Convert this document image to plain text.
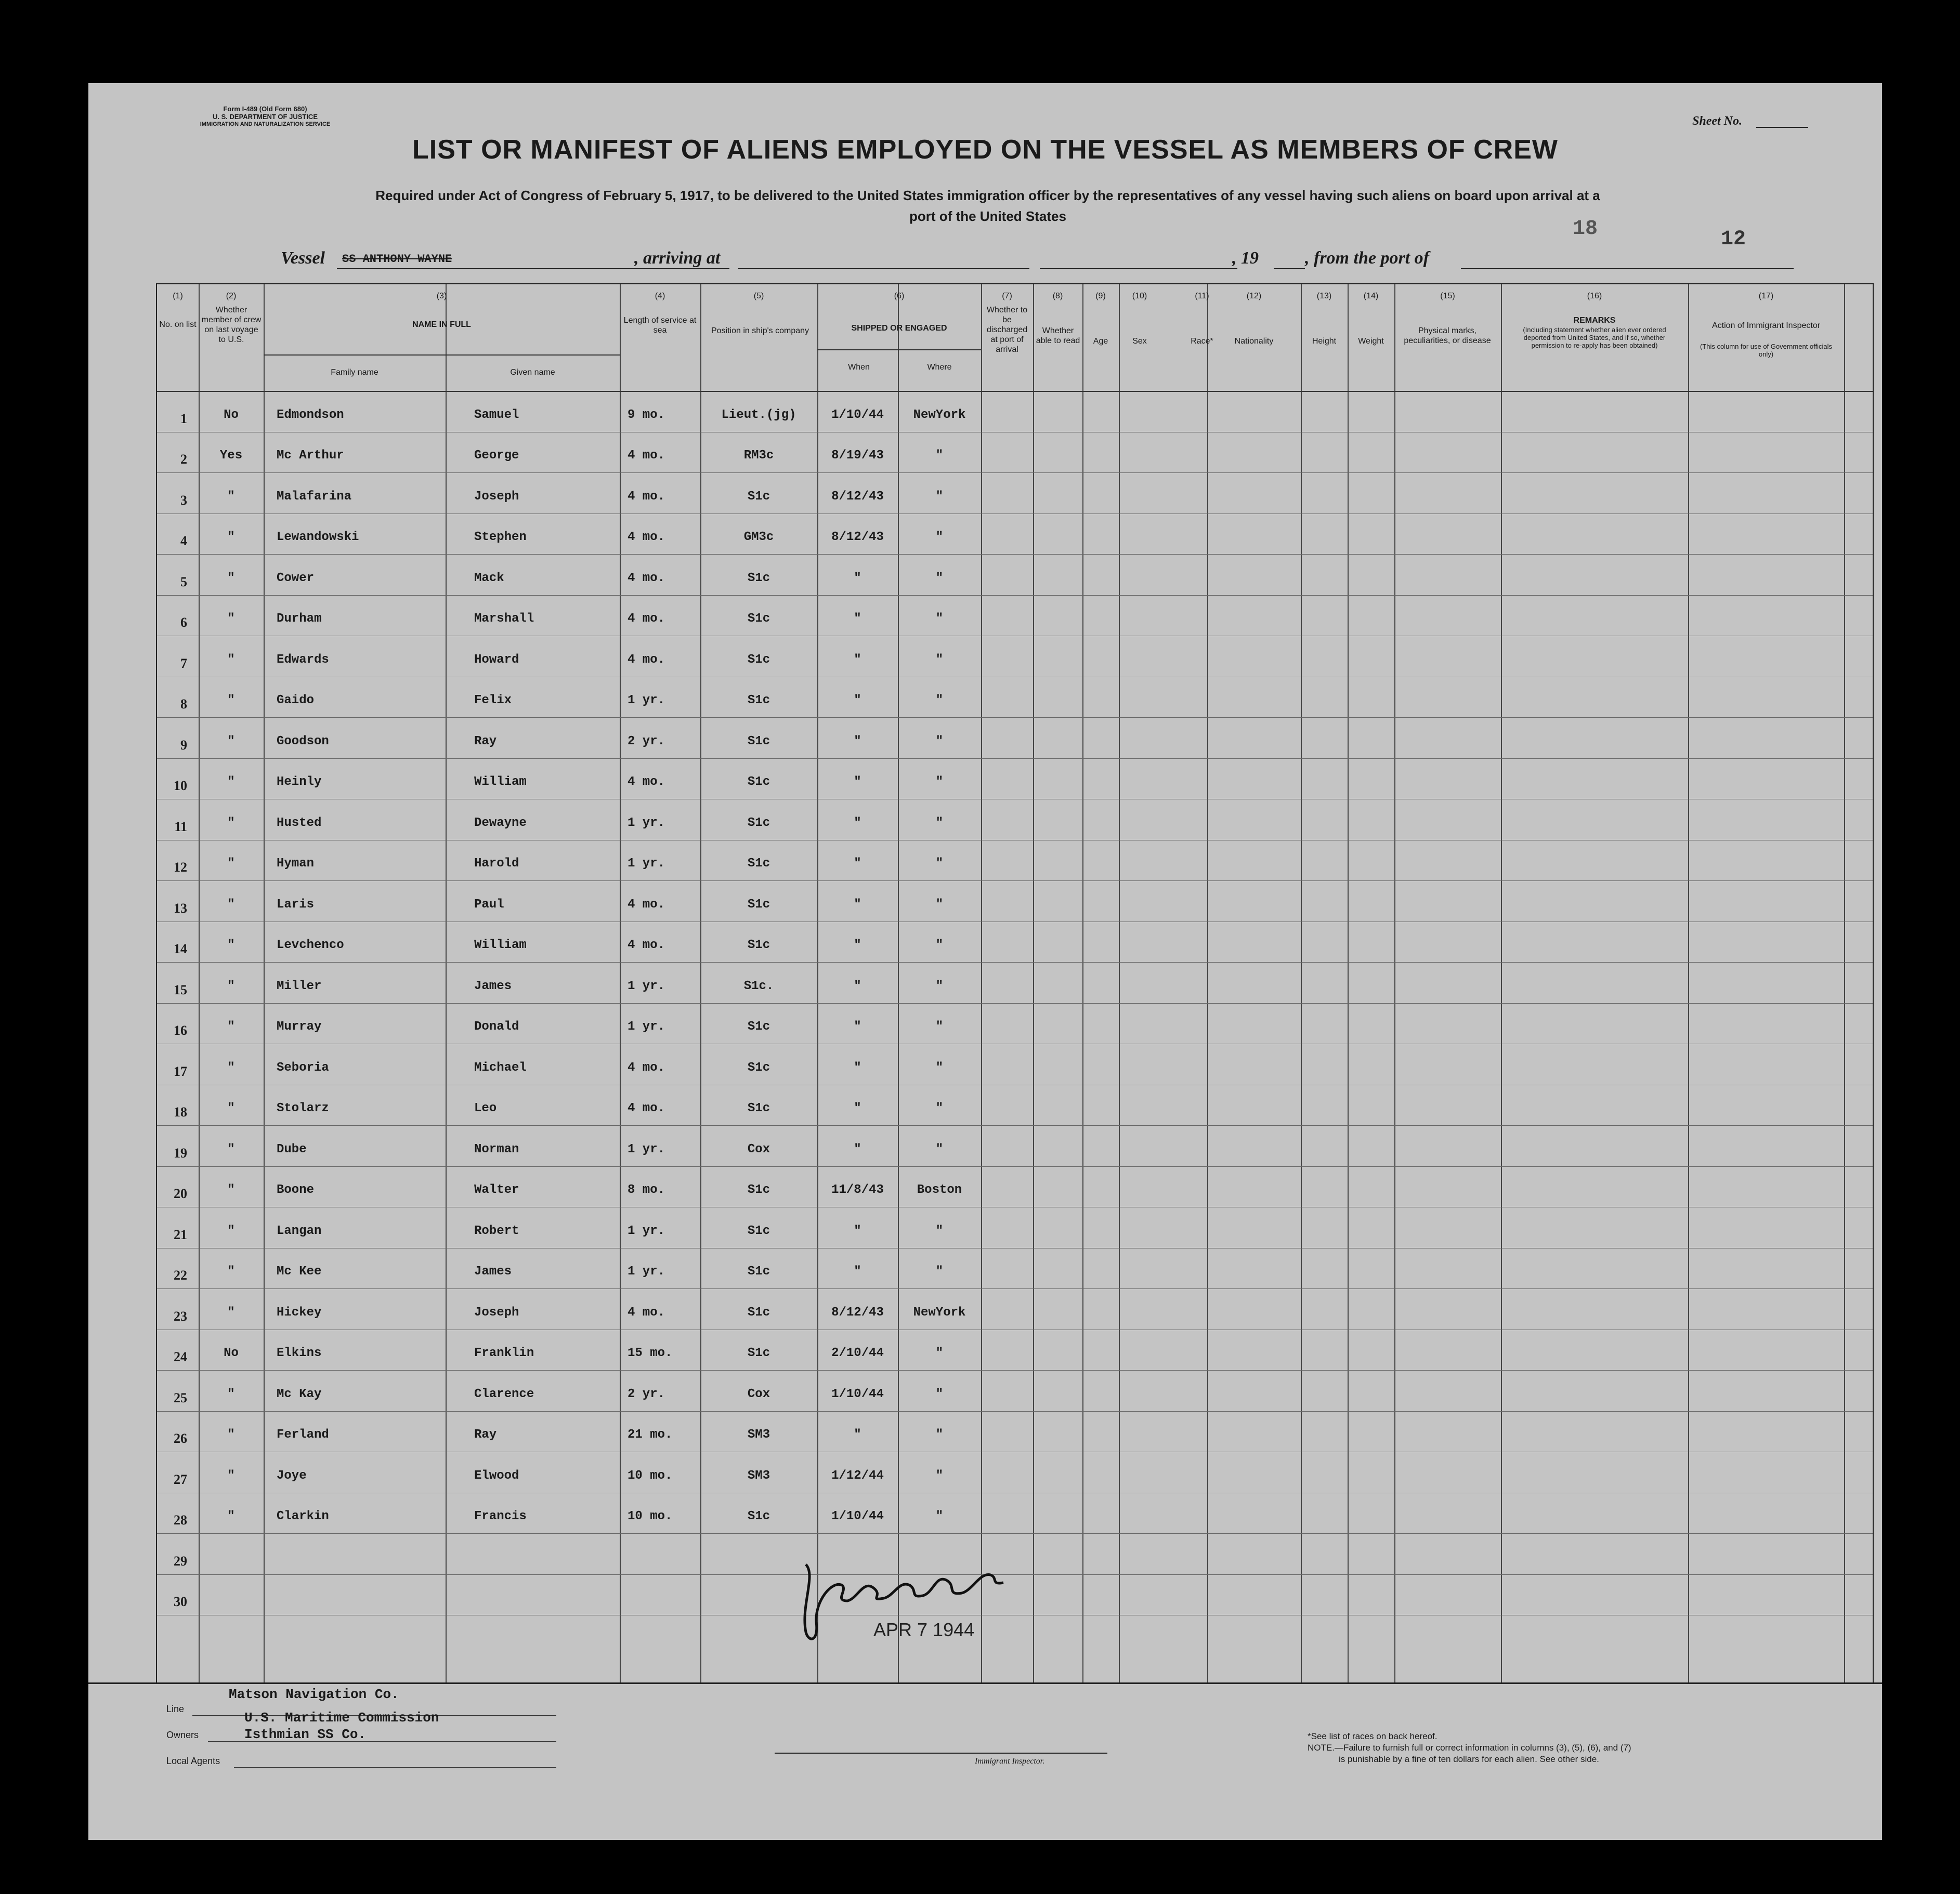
Form I-489 (Old Form 680)
U. S. DEPARTMENT OF JUSTICE
IMMIGRATION AND NATURALIZATION SERVICE	Sheet No.
LIST OR MANIFEST OF ALIENS EMPLOYED ON THE VESSEL AS MEMBERS OF CREW
Required under Act of Congress of February 5, 1917, to be delivered to the United States immigration officer by the representatives of any vessel having such aliens on board upon arrival at a
port of the United States
Vessel SS ANTHONY WAYNE	, arriving at	, 19	, from the port of
18	12
(1)	(2)	(3)	(4)	(5)	(6)	(7)	(8)	(9)	(10)	(11)	(12)	(13)	(14)	(15)	(16)	(17)
No. on list
Whether member of crew on last voyage to U.S.
NAME IN FULL
Family name	Given name
Length of service at sea	Position in ship's company	SHIPPED OR ENGAGED
When	Where
Whether to be discharged at port of arrival
Whether able to read	Age	Sex	Race*	Nationality	Height	Weight
Physical marks, peculiarities, or disease
REMARKS
(Including statement whether alien ever ordered deported from United States, and if so, whether permission to re-apply has been obtained)
Action of Immigrant Inspector
(This column for use of Government officials only)
1	No	Edmondson	Samuel	9 mo.	Lieut.(jg)	1/10/44	NewYork
2	Yes	Mc Arthur	George	4 mo.	RM3c	8/19/43	"
3	"	Malafarina	Joseph	4 mo.	S1c	8/12/43	"
4	"	Lewandowski	Stephen	4 mo.	GM3c	8/12/43	"
5	"	Cower	Mack	4 mo.	S1c	"	"
6	"	Durham	Marshall	4 mo.	S1c	"	"
7	"	Edwards	Howard	4 mo.	S1c	"	"
8	"	Gaido	Felix	1 yr.	S1c	"	"
9	"	Goodson	Ray	2 yr.	S1c	"	"
10	"	Heinly	William	4 mo.	S1c	"	"
11	"	Husted	Dewayne	1 yr.	S1c	"	"
12	"	Hyman	Harold	1 yr.	S1c	"	"
13	"	Laris	Paul	4 mo.	S1c	"	"
14	"	Levchenco	William	4 mo.	S1c	"	"
15	"	Miller	James	1 yr.	S1c.	"	"
16	"	Murray	Donald	1 yr.	S1c	"	"
17	"	Seboria	Michael	4 mo.	S1c	"	"
18	"	Stolarz	Leo	4 mo.	S1c	"	"
19	"	Dube	Norman	1 yr.	Cox	"	"
20	"	Boone	Walter	8 mo.	S1c	11/8/43	Boston
21	"	Langan	Robert	1 yr.	S1c	"	"
22	"	Mc Kee	James	1 yr.	S1c	"	"
23	"	Hickey	Joseph	4 mo.	S1c	8/12/43	NewYork
24	No	Elkins	Franklin	15 mo.	S1c	2/10/44	"
25	"	Mc Kay	Clarence	2 yr.	Cox	1/10/44	"
26	"	Ferland	Ray	21 mo.	SM3	"	"
27	"	Joye	Elwood	10 mo.	SM3	1/12/44	"
28	"	Clarkin	Francis	10 mo.	S1c	1/10/44	"
29
30
APR 7 1944
Line
Matson Navigation Co.
U.S. Maritime Commission
Owners	Isthmian SS Co.
Local Agents	Immigrant Inspector.
*See list of races on back hereof.
NOTE.—Failure to furnish full or correct information in columns (3), (5), (6), and (7)
is punishable by a fine of ten dollars for each alien. See other side.
